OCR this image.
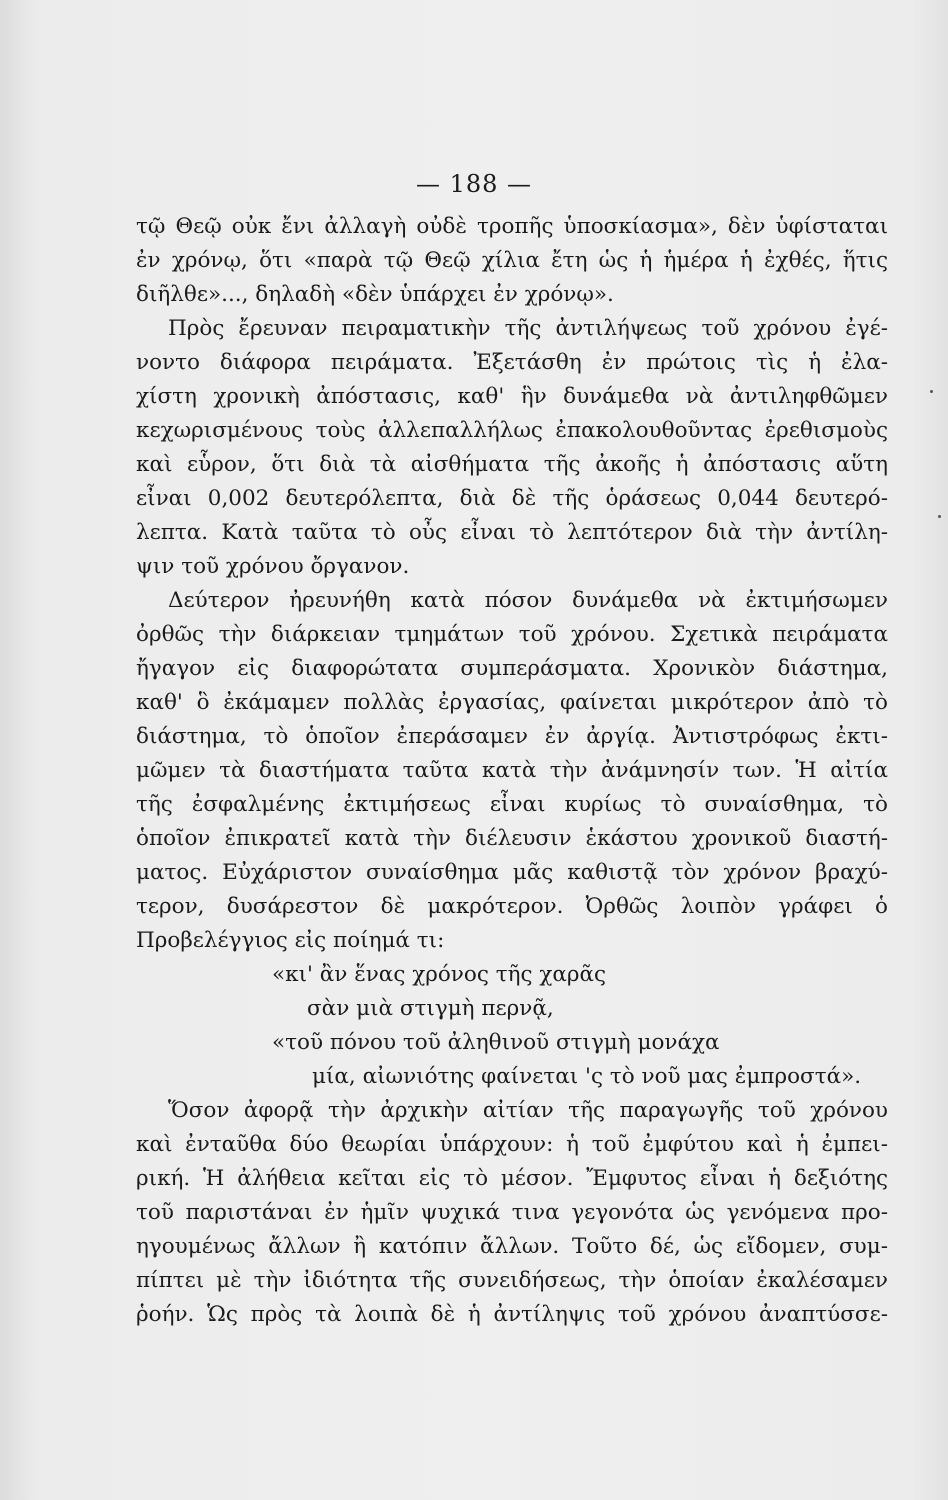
— 188 —
τῷ Θεῷ οὐκ ἔνι ἀλλαγὴ οὐδὲ τροπῆς ὑποσκίασμα», δὲν ὑφίσταται
ἐν χρόνῳ, ὅτι «παρὰ τῷ Θεῷ χίλια ἔτη ὡς ἡ ἡμέρα ἡ ἐχθές, ἥτις
διῆλθε»..., δηλαδὴ «δὲν ὑπάρχει ἐν χρόνῳ».
Πρὸς ἔρευναν πειραματικὴν τῆς ἀντιλήψεως τοῦ χρόνου ἐγέ-
νοντο διάφορα πειράματα. Ἐξετάσθη ἐν πρώτοις τὶς ἡ ἐλα-
χίστη χρονικὴ ἀπόστασις, καθ' ἣν δυνάμεθα νὰ ἀντιληφθῶμεν
κεχωρισμένους τοὺς ἀλλεπαλλήλως ἐπακολουθοῦντας ἐρεθισμοὺς
καὶ εὗρον, ὅτι διὰ τὰ αἰσθήματα τῆς ἀκοῆς ἡ ἀπόστασις αὕτη
εἶναι 0,002 δευτερόλεπτα, διὰ δὲ τῆς ὁράσεως 0,044 δευτερό-
λεπτα. Κατὰ ταῦτα τὸ οὖς εἶναι τὸ λεπτότερον διὰ τὴν ἀντίλη-
ψιν τοῦ χρόνου ὄργανον.
Δεύτερον ἠρευνήθη κατὰ πόσον δυνάμεθα νὰ ἐκτιμήσωμεν
ὀρθῶς τὴν διάρκειαν τμημάτων τοῦ χρόνου. Σχετικὰ πειράματα
ἤγαγον εἰς διαφορώτατα συμπεράσματα. Χρονικὸν διάστημα,
καθ' ὃ ἐκάμαμεν πολλὰς ἐργασίας, φαίνεται μικρότερον ἀπὸ τὸ
διάστημα, τὸ ὁποῖον ἐπεράσαμεν ἐν ἀργίᾳ. Ἀντιστρόφως ἐκτι-
μῶμεν τὰ διαστήματα ταῦτα κατὰ τὴν ἀνάμνησίν των. Ἡ αἰτία
τῆς ἐσφαλμένης ἐκτιμήσεως εἶναι κυρίως τὸ συναίσθημα, τὸ
ὁποῖον ἐπικρατεῖ κατὰ τὴν διέλευσιν ἑκάστου χρονικοῦ διαστή-
ματος. Εὐχάριστον συναίσθημα μᾶς καθιστᾷ τὸν χρόνον βραχύ-
τερον, δυσάρεστον δὲ μακρότερον. Ὀρθῶς λοιπὸν γράφει ὁ
Προβελέγγιος εἰς ποίημά τι:
«κι' ἂν ἕνας χρόνος τῆς χαρᾶς
σὰν μιὰ στιγμὴ περνᾷ,
«τοῦ πόνου τοῦ ἀληθινοῦ στιγμὴ μονάχα
μία, αἰωνιότης φαίνεται 'ς τὸ νοῦ μας ἐμπροστά».
Ὅσον ἀφορᾷ τὴν ἀρχικὴν αἰτίαν τῆς παραγωγῆς τοῦ χρόνου
καὶ ἐνταῦθα δύο θεωρίαι ὑπάρχουν: ἡ τοῦ ἐμφύτου καὶ ἡ ἐμπει-
ρική. Ἡ ἀλήθεια κεῖται εἰς τὸ μέσον. Ἔμφυτος εἶναι ἡ δεξιότης
τοῦ παριστάναι ἐν ἡμῖν ψυχικά τινα γεγονότα ὡς γενόμενα προ-
ηγουμένως ἄλλων ἢ κατόπιν ἄλλων. Τοῦτο δέ, ὡς εἴδομεν, συμ-
πίπτει μὲ τὴν ἰδιότητα τῆς συνειδήσεως, τὴν ὁποίαν ἐκαλέσαμεν
ῥοήν. Ὡς πρὸς τὰ λοιπὰ δὲ ἡ ἀντίληψις τοῦ χρόνου ἀναπτύσσε-
